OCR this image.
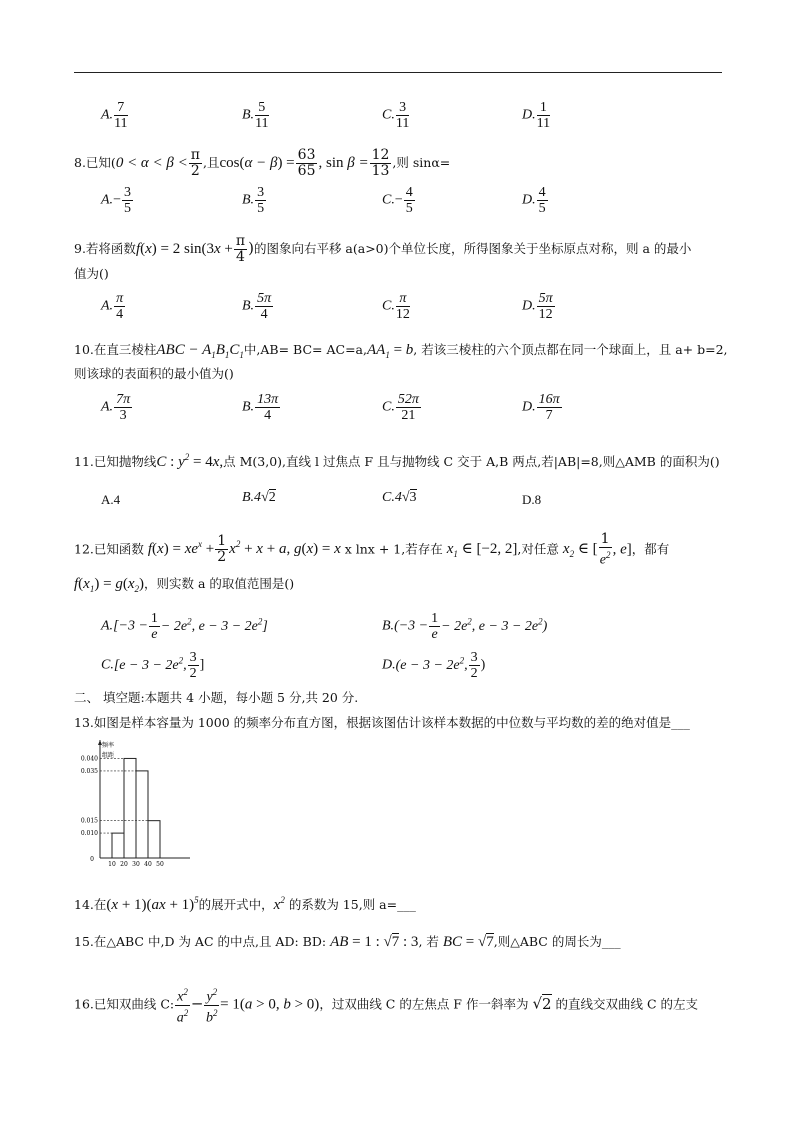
A. $\frac{7}{11}$	B. $\frac{5}{11}$	C. $\frac{3}{11}$	D. $\frac{1}{11}$
8.已知($0 < \alpha < \beta < \frac{\pi}{2}$ ,且$\cos(\alpha - \beta) = \frac{63}{65}$ , $\sin \beta = \frac{12}{13}$ ,则 sinα=
$A.- \frac{3}{5}$	B. $\frac{3}{5}$	$C.- \frac{4}{5}$	D. $\frac{4}{5}$
9.若将函数f(x) = 2 $\sin(3x + \frac{\pi}{4}$ )的图象向右平移 a(a>0)个单位长度，所得图象关于坐标原点对称，则 a 的最小
值为()
A. $\frac{\pi}{4}$	B. $\frac{5\pi}{4}$	C. $\frac{\pi}{12}$	D. $\frac{5\pi}{12}$
10.在直三棱柱ABC − $A_1B_1C_1$中$,AB= BC= AC=a,AA_1 = b$, 若该三棱柱的六个顶点都在同一个球面上，且 a+ b=2,
则该球的表面积的最小值为()
A. $\frac{7\pi}{3}$	B. $\frac{13\pi}{4}$	C. $\frac{52\pi}{21}$	D. $\frac{16\pi}{7}$
11.已知抛物线C : $y^2 = 4x$,点 M(3,0),直线 l 过焦点 F 且与抛物线 C 交于 A,B 两点,若|AB|=8,则△AMB 的面积为()
A.4	B.4√2	C.4√3	D.8
12.已知函数 $f(x) = xe^x + \frac{1}{2} x^2 + x + a$, g(x) = x x lnx + 1,若存在 $x_1$ ∈ [−2, 2],对任意 $x_2$ ∈ [ $\frac{1}{e^2}$ , e]，都有
$f(x_1) = g(x_2)$，则实数 a 的取值范围是()
$A.[-3 - \frac{1}{e} - 2e^2$, $e - 3 - 2e^2$]	$B.(-3 - \frac{1}{e} - 2e^2$, $e - 3 - 2e^2$)
$C.[e - 3 - 2e^2$, $\frac{3}{2}$ ]	$D.(e - 3 - 2e^2$, $\frac{3}{2}$ )
二、 填空题:本题共 4 小题，每小题 5 分,共 20 分.
13.如图是样本容量为 1000 的频率分布直方图，根据该图估计该样本数据的中位数与平均数的差的绝对值是___
频率
组距
0.040
0.035
0.015
0.010
10 20 30 40 50
0
14.在(x + 1)(ax + 1)$^5$的展开式中，$x^2$ 的系数为 15,则 a=___
15.在△ABC 中,D 为 AC 的中点,且 AD: BD: AB = 1 : √7 : 3, 若 BC = √7,则△ABC 的周长为___
16.已知双曲线 C: $\frac{x^2}{a^2} - \frac{y^2}{b^2} = 1(a > 0$, b > 0)，过双曲线 C 的左焦点 F 作一斜率为 √2 的直线交双曲线 C 的左支
